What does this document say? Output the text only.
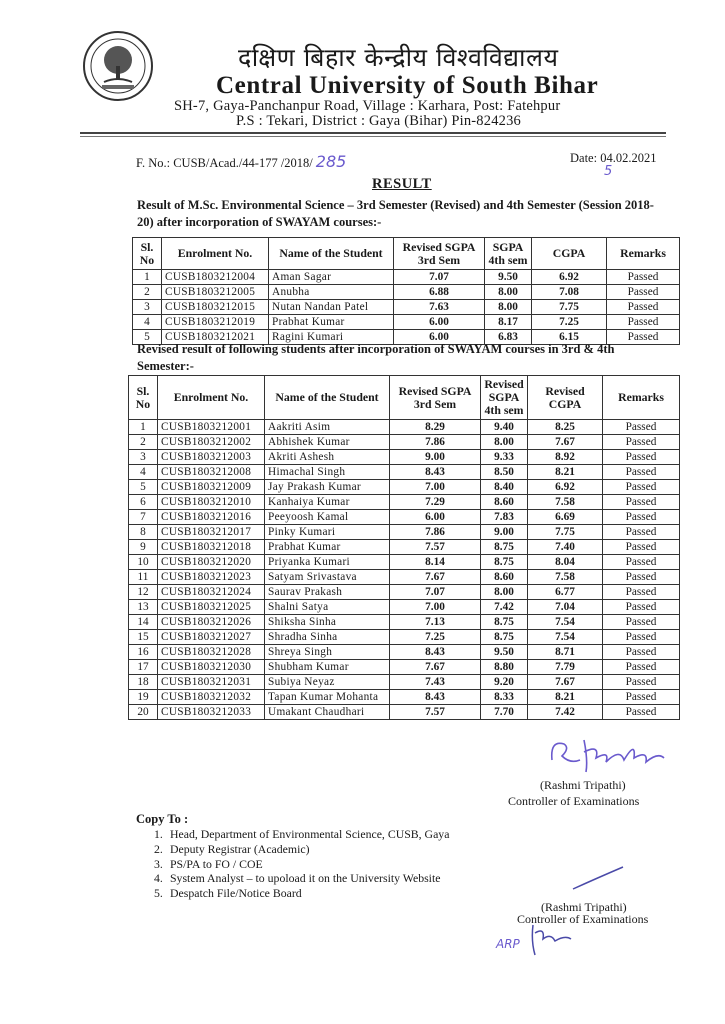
दक्षिण बिहार केन्द्रीय विश्वविद्यालय
Central University of South Bihar
SH-7, Gaya-Panchanpur Road, Village : Karhara, Post: Fatehpur
P.S : Tekari, District : Gaya (Bihar) Pin-824236
F. No.: CUSB/Acad./44-177 /2018/ 285	Date: 04.02.2021
5
RESULT
Result of M.Sc. Environmental Science – 3rd Semester (Revised) and 4th Semester (Session 2018-20) after incorporation of SWAYAM courses:-
Sl. No	Enrolment No.	Name of the Student	Revised SGPA 3rd Sem	SGPA 4th sem	CGPA	Remarks
1	CUSB1803212004	Aman Sagar	7.07	9.50	6.92	Passed
2	CUSB1803212005	Anubha	6.88	8.00	7.08	Passed
3	CUSB1803212015	Nutan Nandan Patel	7.63	8.00	7.75	Passed
4	CUSB1803212019	Prabhat Kumar	6.00	8.17	7.25	Passed
5	CUSB1803212021	Ragini Kumari	6.00	6.83	6.15	Passed
Revised result of following students after incorporation of SWAYAM courses in 3rd & 4th Semester:-
Sl. No	Enrolment No.	Name of the Student	Revised SGPA 3rd Sem	Revised SGPA 4th sem	Revised CGPA	Remarks
1	CUSB1803212001	Aakriti Asim	8.29	9.40	8.25	Passed
2	CUSB1803212002	Abhishek Kumar	7.86	8.00	7.67	Passed
3	CUSB1803212003	Akriti Ashesh	9.00	9.33	8.92	Passed
4	CUSB1803212008	Himachal Singh	8.43	8.50	8.21	Passed
5	CUSB1803212009	Jay Prakash Kumar	7.00	8.40	6.92	Passed
6	CUSB1803212010	Kanhaiya Kumar	7.29	8.60	7.58	Passed
7	CUSB1803212016	Peeyoosh Kamal	6.00	7.83	6.69	Passed
8	CUSB1803212017	Pinky Kumari	7.86	9.00	7.75	Passed
9	CUSB1803212018	Prabhat Kumar	7.57	8.75	7.40	Passed
10	CUSB1803212020	Priyanka Kumari	8.14	8.75	8.04	Passed
11	CUSB1803212023	Satyam Srivastava	7.67	8.60	7.58	Passed
12	CUSB1803212024	Saurav Prakash	7.07	8.00	6.77	Passed
13	CUSB1803212025	Shalni Satya	7.00	7.42	7.04	Passed
14	CUSB1803212026	Shiksha Sinha	7.13	8.75	7.54	Passed
15	CUSB1803212027	Shradha Sinha	7.25	8.75	7.54	Passed
16	CUSB1803212028	Shreya Singh	8.43	9.50	8.71	Passed
17	CUSB1803212030	Shubham Kumar	7.67	8.80	7.79	Passed
18	CUSB1803212031	Subiya Neyaz	7.43	9.20	7.67	Passed
19	CUSB1803212032	Tapan Kumar Mohanta	8.43	8.33	8.21	Passed
20	CUSB1803212033	Umakant Chaudhari	7.57	7.70	7.42	Passed
(Rashmi Tripathi)
Controller of Examinations
Copy To :
1. Head, Department of Environmental Science, CUSB, Gaya
2. Deputy Registrar (Academic)
3. PS/PA to FO / COE
4. System Analyst – to upoload it on the University Website
5. Despatch File/Notice Board
(Rashmi Tripathi)
Controller of Examinations
ARP
